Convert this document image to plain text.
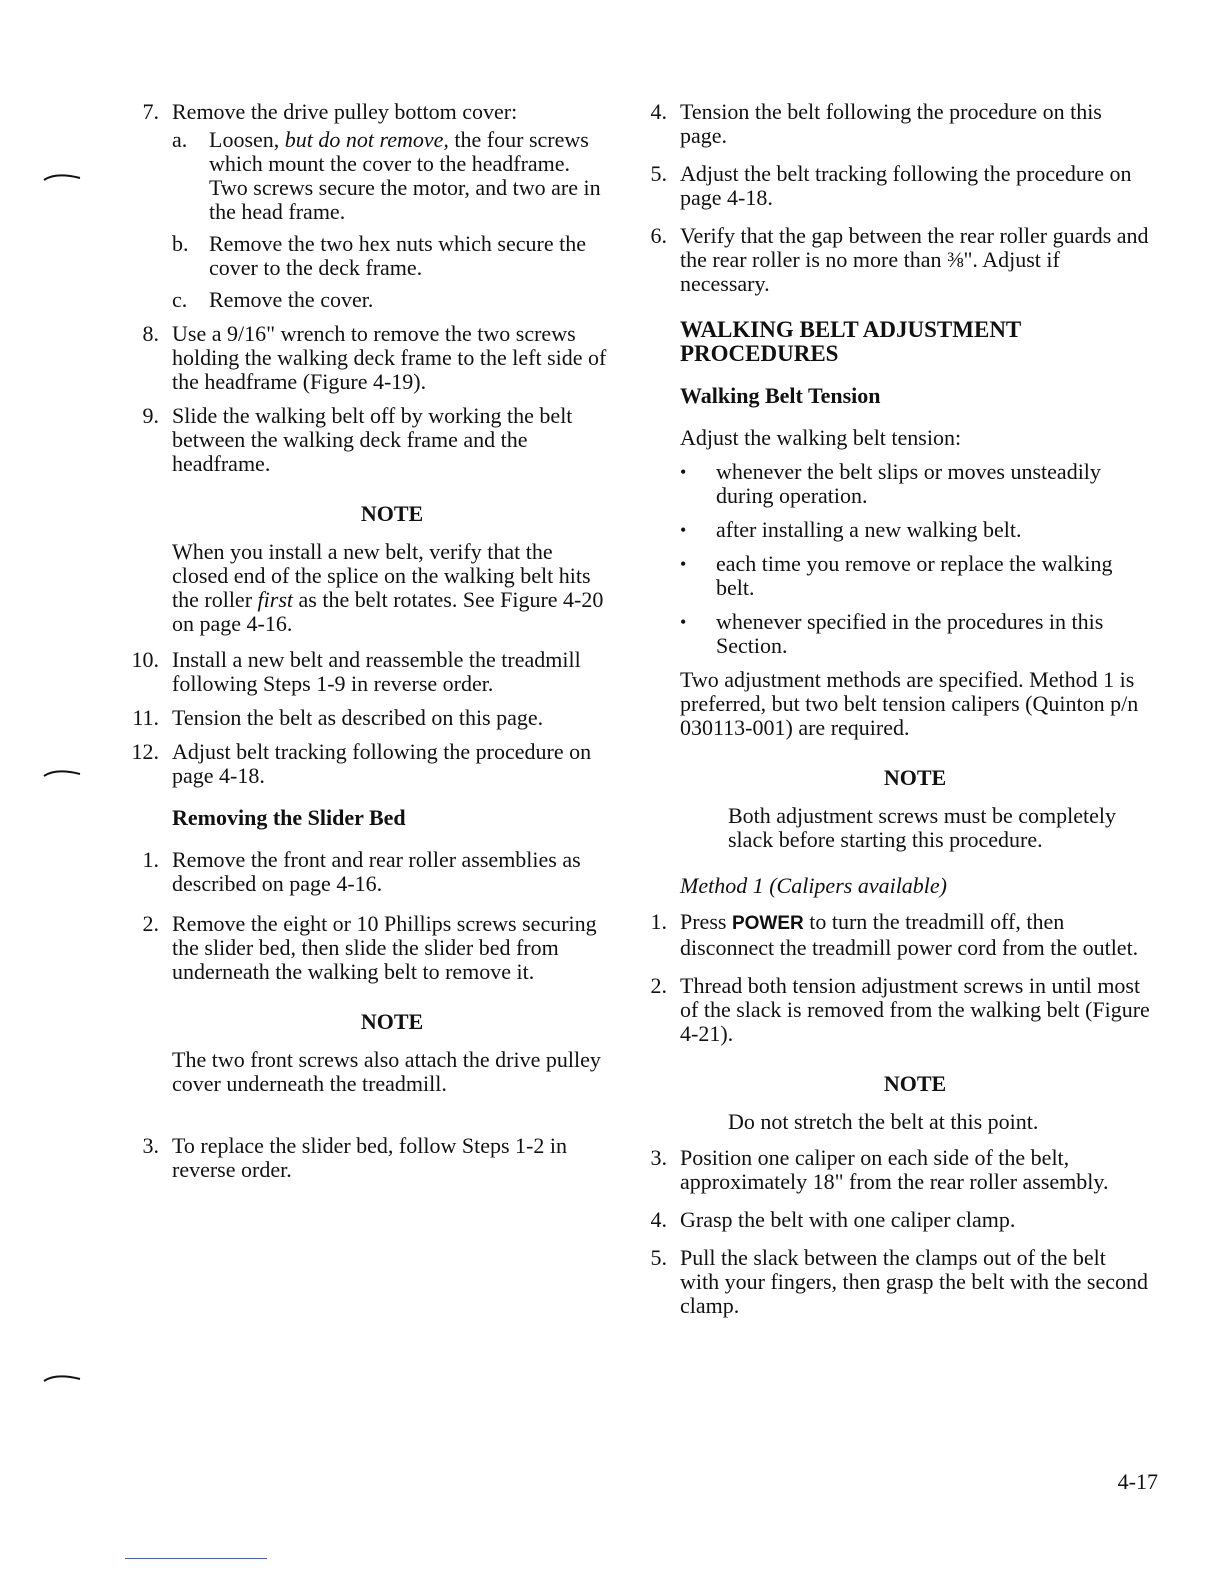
7. Remove the drive pulley bottom cover:
a. Loosen, but do not remove, the four screws which mount the cover to the headframe. Two screws secure the motor, and two are in the head frame.
b. Remove the two hex nuts which secure the cover to the deck frame.
c. Remove the cover.
8. Use a 9/16" wrench to remove the two screws holding the walking deck frame to the left side of the headframe (Figure 4-19).
9. Slide the walking belt off by working the belt between the walking deck frame and the headframe.
NOTE
When you install a new belt, verify that the closed end of the splice on the walking belt hits the roller first as the belt rotates. See Figure 4-20 on page 4-16.
10. Install a new belt and reassemble the treadmill following Steps 1-9 in reverse order.
11. Tension the belt as described on this page.
12. Adjust belt tracking following the procedure on page 4-18.
Removing the Slider Bed
1. Remove the front and rear roller assemblies as described on page 4-16.
2. Remove the eight or 10 Phillips screws securing the slider bed, then slide the slider bed from underneath the walking belt to remove it.
NOTE
The two front screws also attach the drive pulley cover underneath the treadmill.
3. To replace the slider bed, follow Steps 1-2 in reverse order.
4. Tension the belt following the procedure on this page.
5. Adjust the belt tracking following the procedure on page 4-18.
6. Verify that the gap between the rear roller guards and the rear roller is no more than ⅜". Adjust if necessary.
WALKING BELT ADJUSTMENT PROCEDURES
Walking Belt Tension
Adjust the walking belt tension:
•	whenever the belt slips or moves unsteadily during operation.
•	after installing a new walking belt.
•	each time you remove or replace the walking belt.
•	whenever specified in the procedures in this Section.
Two adjustment methods are specified. Method 1 is preferred, but two belt tension calipers (Quinton p/n 030113-001) are required.
NOTE
Both adjustment screws must be completely slack before starting this procedure.
Method 1 (Calipers available)
1. Press POWER to turn the treadmill off, then disconnect the treadmill power cord from the outlet.
2. Thread both tension adjustment screws in until most of the slack is removed from the walking belt (Figure 4-21).
NOTE
Do not stretch the belt at this point.
3. Position one caliper on each side of the belt, approximately 18" from the rear roller assembly.
4. Grasp the belt with one caliper clamp.
5. Pull the slack between the clamps out of the belt with your fingers, then grasp the belt with the second clamp.
4-17
